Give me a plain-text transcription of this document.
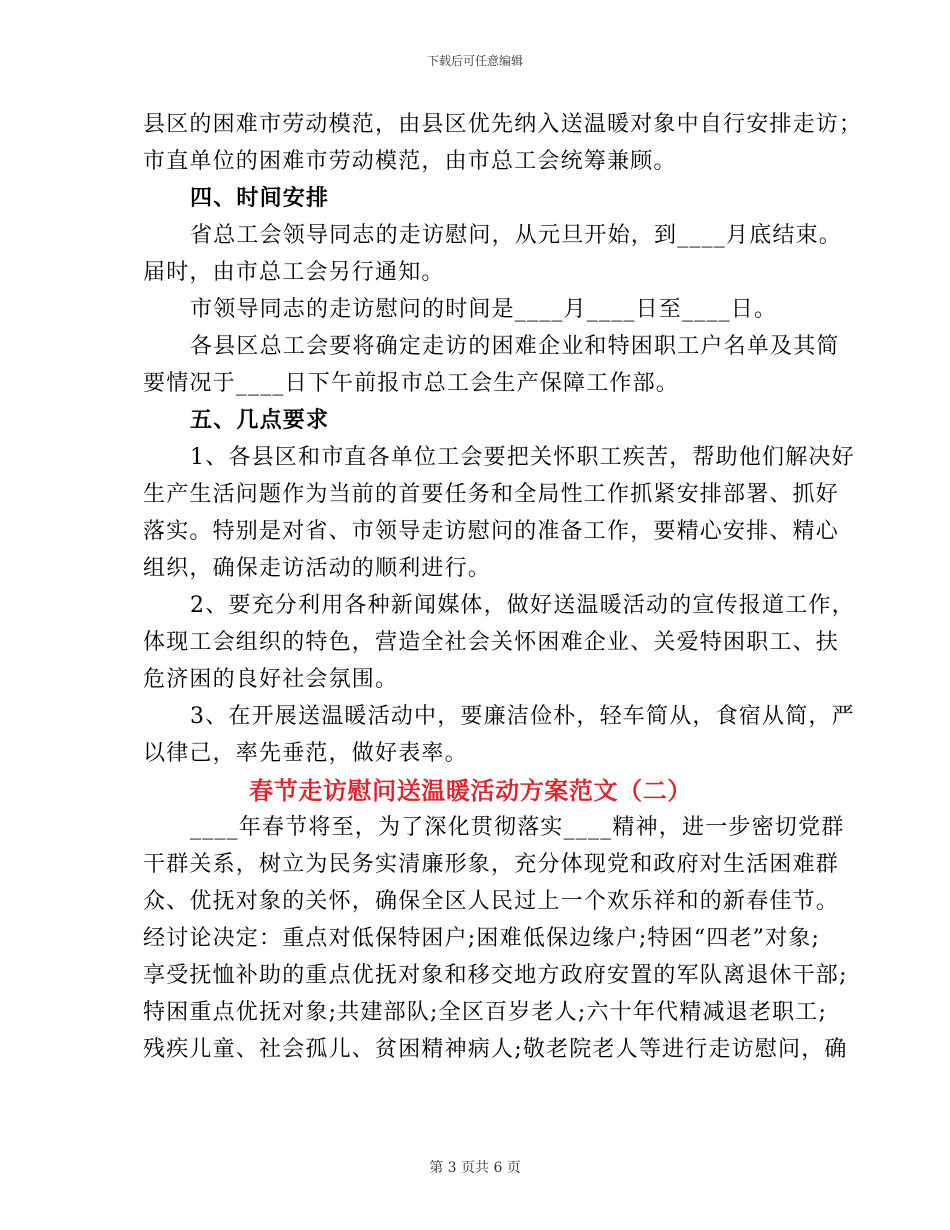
下载后可任意编辑
县区的困难市劳动模范，由县区优先纳入送温暖对象中自行安排走访；
市直单位的困难市劳动模范，由市总工会统筹兼顾。
四、时间安排
省总工会领导同志的走访慰问，从元旦开始，到____月底结束。
届时，由市总工会另行通知。
市领导同志的走访慰问的时间是____月____日至____日。
各县区总工会要将确定走访的困难企业和特困职工户名单及其简
要情况于____日下午前报市总工会生产保障工作部。
五、几点要求
1、各县区和市直各单位工会要把关怀职工疾苦，帮助他们解决好
生产生活问题作为当前的首要任务和全局性工作抓紧安排部署、抓好
落实。特别是对省、市领导走访慰问的准备工作，要精心安排、精心
组织，确保走访活动的顺利进行。
2、要充分利用各种新闻媒体，做好送温暖活动的宣传报道工作，
体现工会组织的特色，营造全社会关怀困难企业、关爱特困职工、扶
危济困的良好社会氛围。
3、在开展送温暖活动中，要廉洁俭朴，轻车简从，食宿从简，严
以律己，率先垂范，做好表率。
春节走访慰问送温暖活动方案范文（二）
____年春节将至，为了深化贯彻落实____精神，进一步密切党群
干群关系，树立为民务实清廉形象，充分体现党和政府对生活困难群
众、优抚对象的关怀，确保全区人民过上一个欢乐祥和的新春佳节。
经讨论决定：重点对低保特困户;困难低保边缘户;特困“四老”对象;
享受抚恤补助的重点优抚对象和移交地方政府安置的军队离退休干部;
特困重点优抚对象;共建部队;全区百岁老人;六十年代精减退老职工;
残疾儿童、社会孤儿、贫困精神病人;敬老院老人等进行走访慰问，确
第 3 页共 6 页
